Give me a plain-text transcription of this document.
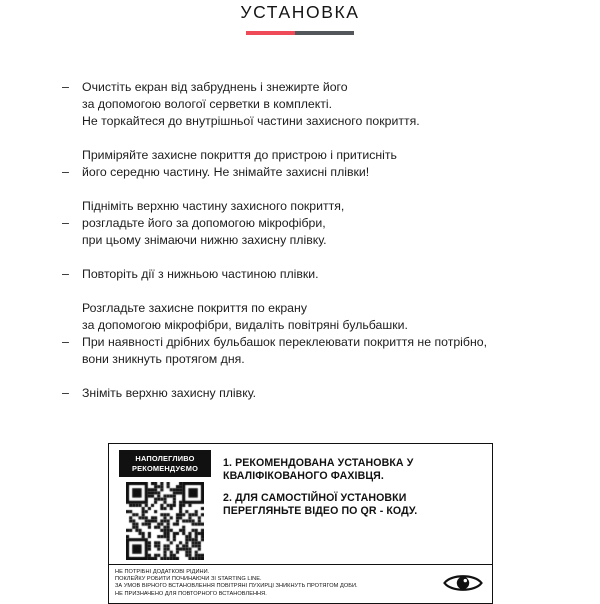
УСТАНОВКА
–	Очистіть екран від забруднень і знежирте його
за допомогою вологої серветки в комплекті.
Не торкайтеся до внутрішньої частини захисного покриття.
–
Приміряйте захисне покриття до пристрою і притисніть
його середню частину. Не знімайте захисні плівки!
–
Підніміть верхню частину захисного покриття,
розгладьте його за допомогою мікрофібри,
при цьому знімаючи нижню захисну плівку.
–	Повторіть дії з нижньою частиною плівки.
–
Розгладьте захисне покриття по екрану
за допомогою мікрофібри, видаліть повітряні бульбашки.
При наявності дрібних бульбашок переклеювати покриття не потрібно,
вони зникнуть протягом дня.
–	Зніміть верхню захисну плівку.
НАПОЛЕГЛИВО
РЕКОМЕНДУЄМО	1. РЕКОМЕНДОВАНА УСТАНОВКА У КВАЛІФІКОВАНОГО ФАХІВЦЯ.

2. ДЛЯ САМОСТІЙНОЇ УСТАНОВКИ ПЕРЕГЛЯНЬТЕ ВІДЕО ПО QR - КОДУ.

НЕ ПОТРІБНІ ДОДАТКОВІ РІДИНИ.
ПОКЛЕЙКУ РОБИТИ ПОЧИНАЮЧИ ЗІ STARTING LINE.
ЗА УМОВ ВІРНОГО ВСТАНОВЛЕННЯ ПОВІТРЯНІ ПУХИРЦІ ЗНИКНУТЬ ПРОТЯГОМ ДОБИ.
НЕ ПРИЗНАЧЕНО ДЛЯ ПОВТОРНОГО ВСТАНОВЛЕННЯ.
